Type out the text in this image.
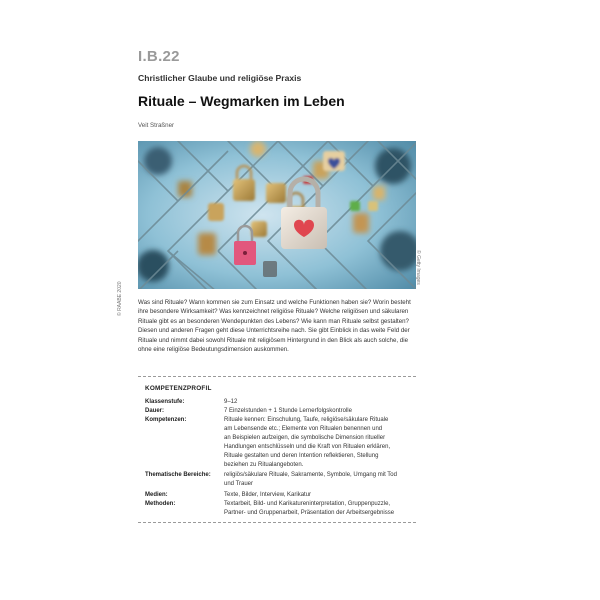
I.B.22
Christlicher Glaube und religiöse Praxis
Rituale – Wegmarken im Leben
Veit Straßner
© Getty Images
© RAABE 2020 Was sind Rituale? Wann kommen sie zum Einsatz und welche Funktionen haben sie? Worin besteht
ihre besondere Wirksamkeit? Was kennzeichnet religiöse Rituale? Welche religiösen und säkularen
Rituale gibt es an besonderen Wendepunkten des Lebens? Wie kann man Rituale selbst gestalten?
Diesen und anderen Fragen geht diese Unterrichtsreihe nach. Sie gibt Einblick in das weite Feld der
Rituale und nimmt dabei sowohl Rituale mit religiösem Hintergrund in den Blick als auch solche, die
ohne eine religiöse Bedeutungsdimension auskommen.
KOMPETENZPROFIL
Klassenstufe:	9–12
Dauer:	7 Einzelstunden + 1 Stunde Lernerfolgskontrolle
Kompetenzen:	Rituale kennen: Einschulung, Taufe, religiöse/säkulare Rituale
am Lebensende etc.; Elemente von Ritualen benennen und
an Beispielen aufzeigen, die symbolische Dimension ritueller
Handlungen entschlüsseln und die Kraft von Ritualen erklären,
Rituale gestalten und deren Intention reflektieren, Stellung
beziehen zu Ritualangeboten.
Thematische Bereiche:	religiös/säkulare Rituale, Sakramente, Symbole, Umgang mit Tod
und Trauer
Medien:	Texte, Bilder, Interview, Karikatur
Methoden:	Textarbeit, Bild- und Karikatureninterpretation, Gruppenpuzzle,
Partner- und Gruppenarbeit, Präsentation der Arbeitsergebnisse
